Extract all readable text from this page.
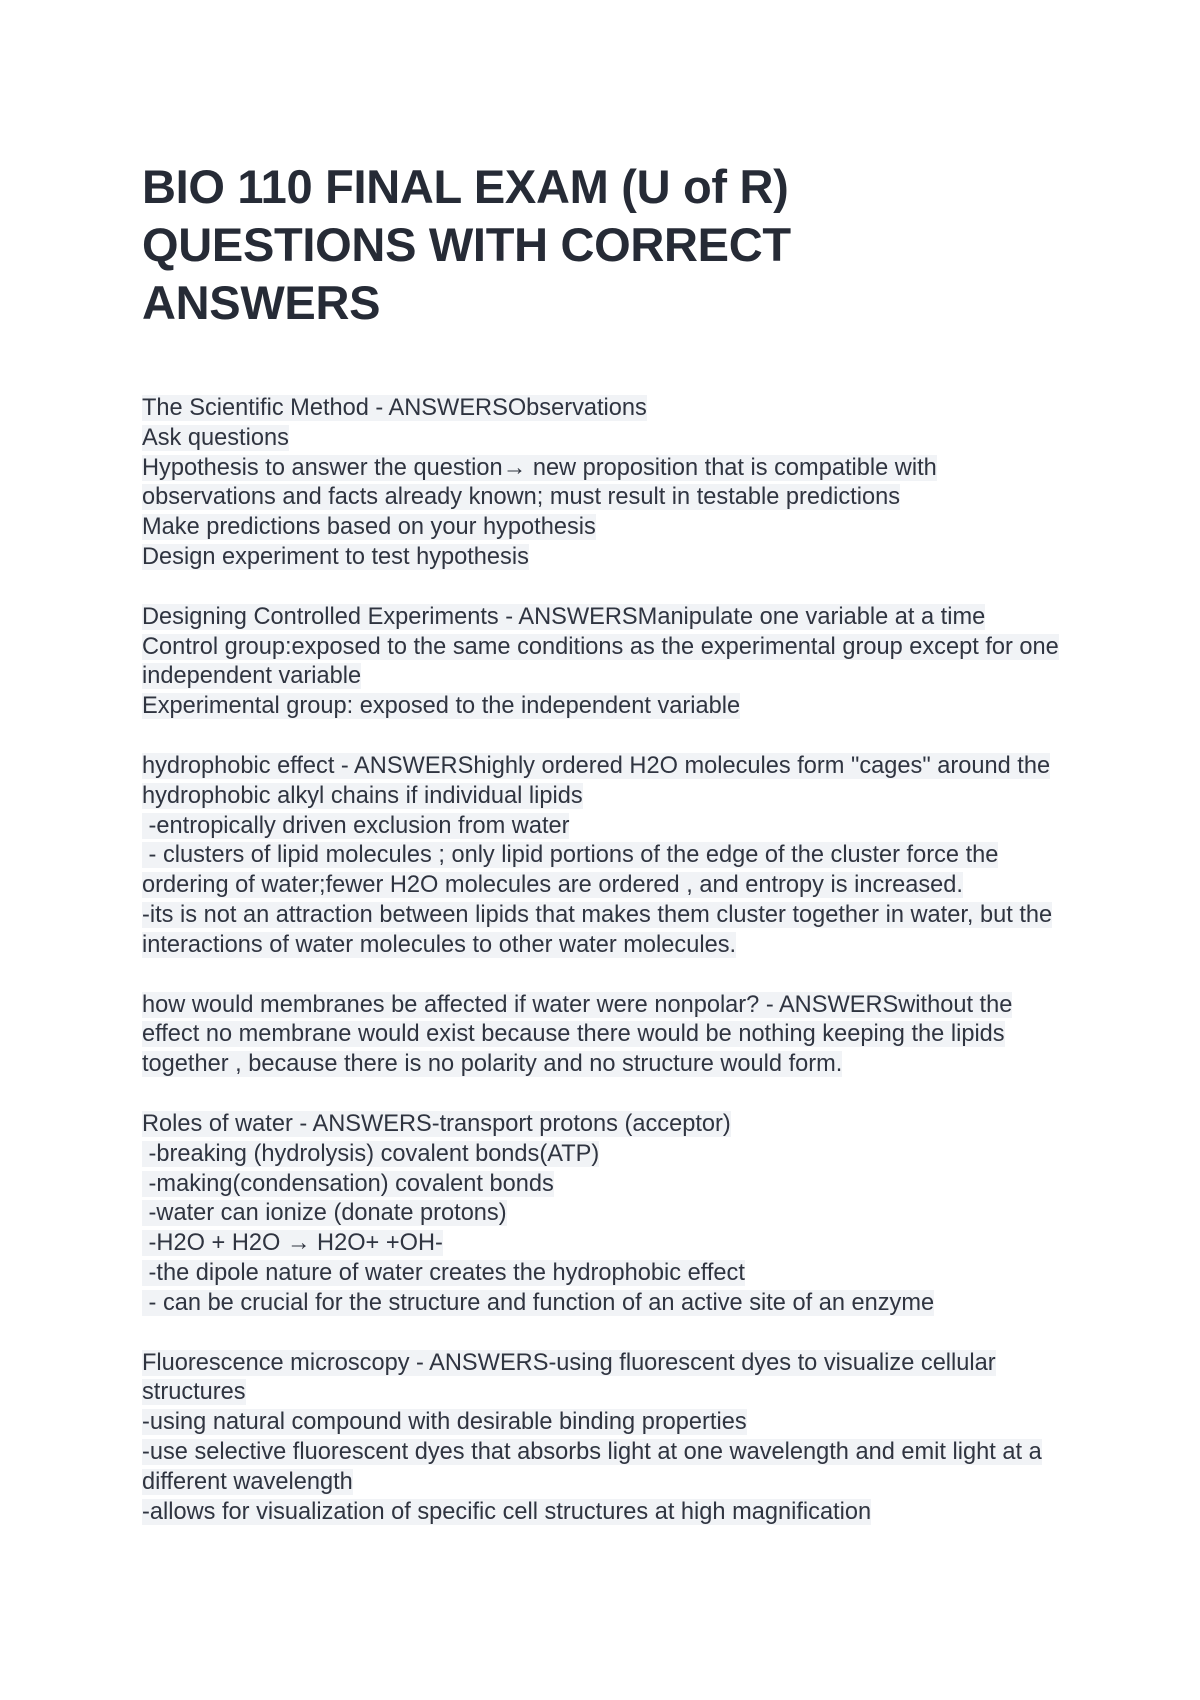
BIO 110 FINAL EXAM (U of R)
QUESTIONS WITH CORRECT
ANSWERS
The Scientific Method - ANSWERSObservations
Ask questions
Hypothesis to answer the question→ new proposition that is compatible with
observations and facts already known; must result in testable predictions
Make predictions based on your hypothesis
Design experiment to test hypothesis
Designing Controlled Experiments - ANSWERSManipulate one variable at a time
Control group:exposed to the same conditions as the experimental group except for one
independent variable
Experimental group: exposed to the independent variable
hydrophobic effect - ANSWERShighly ordered H2O molecules form "cages" around the
hydrophobic alkyl chains if individual lipids
-entropically driven exclusion from water
- clusters of lipid molecules ; only lipid portions of the edge of the cluster force the
ordering of water;fewer H2O molecules are ordered , and entropy is increased.
-its is not an attraction between lipids that makes them cluster together in water, but the
interactions of water molecules to other water molecules.
how would membranes be affected if water were nonpolar? - ANSWERSwithout the
effect no membrane would exist because there would be nothing keeping the lipids
together , because there is no polarity and no structure would form.
Roles of water - ANSWERS-transport protons (acceptor)
-breaking (hydrolysis) covalent bonds(ATP)
-making(condensation) covalent bonds
-water can ionize (donate protons)
-H2O + H2O → H2O+ +OH-
-the dipole nature of water creates the hydrophobic effect
- can be crucial for the structure and function of an active site of an enzyme
Fluorescence microscopy - ANSWERS-using fluorescent dyes to visualize cellular
structures
-using natural compound with desirable binding properties
-use selective fluorescent dyes that absorbs light at one wavelength and emit light at a
different wavelength
-allows for visualization of specific cell structures at high magnification
